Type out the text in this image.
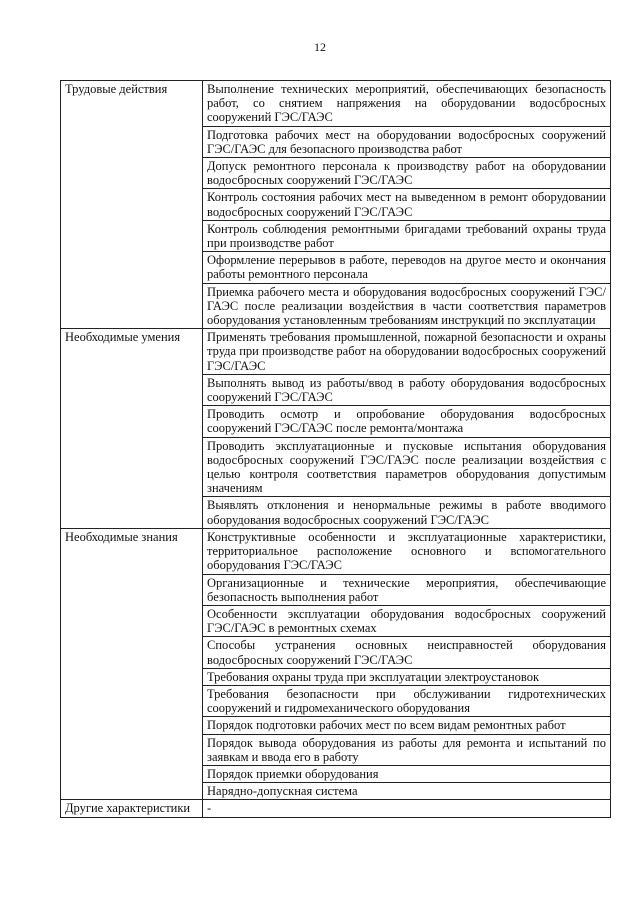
12
Трудовые действия	Выполнение технических мероприятий, обеспечивающих безопасность работ, со снятием напряжения на оборудовании водосбросных сооружений ГЭС/ГАЭС
	Подготовка рабочих мест на оборудовании водосбросных сооружений ГЭС/ГАЭС для безопасного производства работ
	Допуск ремонтного персонала к производству работ на оборудовании водосбросных сооружений ГЭС/ГАЭС
	Контроль состояния рабочих мест на выведенном в ремонт оборудовании водосбросных сооружений ГЭС/ГАЭС
	Контроль соблюдения ремонтными бригадами требований охраны труда при производстве работ
	Оформление перерывов в работе, переводов на другое место и окончания работы ремонтного персонала
	Приемка рабочего места и оборудования водосбросных сооружений ГЭС/ГАЭС после реализации воздействия в части соответствия параметров оборудования установленным требованиям инструкций по эксплуатации
Необходимые умения	Применять требования промышленной, пожарной безопасности и охраны труда при производстве работ на оборудовании водосбросных сооружений ГЭС/ГАЭС
	Выполнять вывод из работы/ввод в работу оборудования водосбросных сооружений ГЭС/ГАЭС
	Проводить осмотр и опробование оборудования водосбросных сооружений ГЭС/ГАЭС после ремонта/монтажа
	Проводить эксплуатационные и пусковые испытания оборудования водосбросных сооружений ГЭС/ГАЭС после реализации воздействия с целью контроля соответствия параметров оборудования допустимым значениям
	Выявлять отклонения и ненормальные режимы в работе вводимого оборудования водосбросных сооружений ГЭС/ГАЭС
Необходимые знания	Конструктивные особенности и эксплуатационные характеристики, территориальное расположение основного и вспомогательного оборудования ГЭС/ГАЭС
	Организационные и технические мероприятия, обеспечивающие безопасность выполнения работ
	Особенности эксплуатации оборудования водосбросных сооружений ГЭС/ГАЭС в ремонтных схемах
	Способы устранения основных неисправностей оборудования водосбросных сооружений ГЭС/ГАЭС
	Требования охраны труда при эксплуатации электроустановок
	Требования безопасности при обслуживании гидротехнических сооружений и гидромеханического оборудования
	Порядок подготовки рабочих мест по всем видам ремонтных работ
	Порядок вывода оборудования из работы для ремонта и испытаний по заявкам и ввода его в работу
	Порядок приемки оборудования
	Нарядно-допускная система
Другие характеристики	-
